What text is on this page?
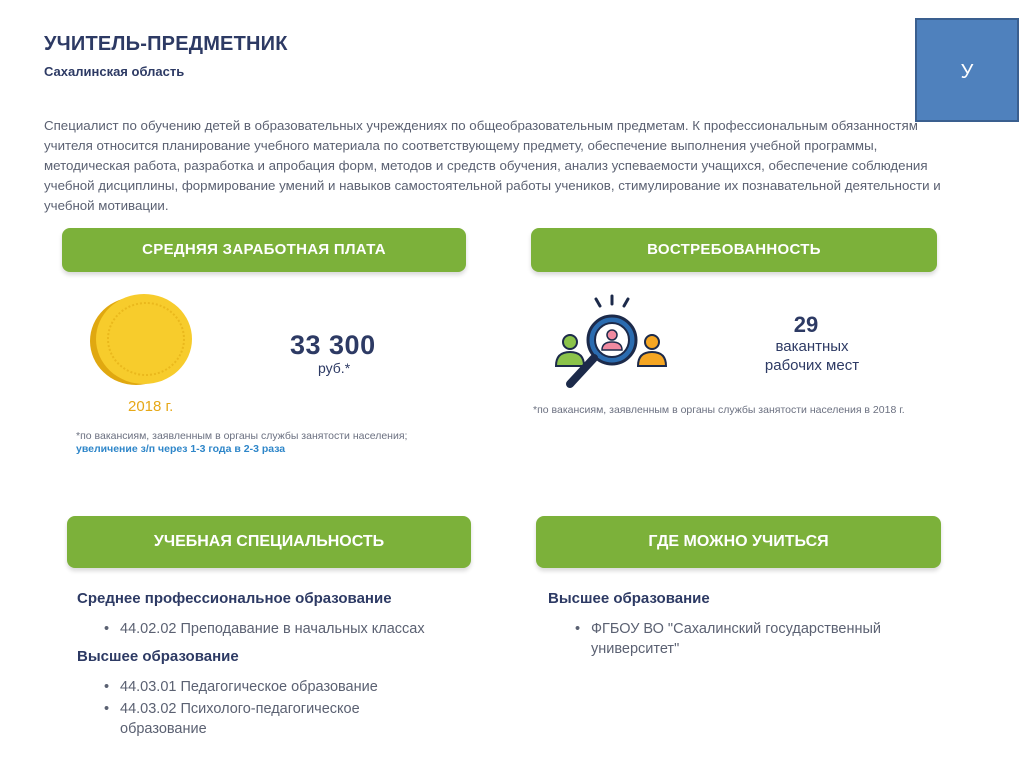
УЧИТЕЛЬ-ПРЕДМЕТНИК
Сахалинская область	У
Специалист по обучению детей в образовательных учреждениях по общеобразовательным предметам. К профессиональным обязанностям учителя относится планирование учебного материала по соответствующему предмету, обеспечение выполнения учебной программы, методическая работа, разработка и апробация форм, методов и средств обучения, анализ успеваемости учащихся, обеспечение соблюдения учебной дисциплины, формирование умений и навыков самостоятельной работы учеников, стимулирование их познавательной деятельности и учебной мотивации.
СРЕДНЯЯ ЗАРАБОТНАЯ ПЛАТА
33 300
руб.*
2018 г.
*по вакансиям, заявленным в органы службы занятости населения;
увеличение з/п через 1-3 года в 2-3 раза
ВОСТРЕБОВАННОСТЬ
29
вакантных
рабочих мест
*по вакансиям, заявленным в органы службы занятости населения в 2018 г.
УЧЕБНАЯ СПЕЦИАЛЬНОСТЬ
Среднее профессиональное образование
• 44.02.02 Преподавание в начальных классах
Высшее образование
• 44.03.01 Педагогическое образование
• 44.03.02 Психолого-педагогическое образование
ГДЕ МОЖНО УЧИТЬСЯ
Высшее образование
• ФГБОУ ВО "Сахалинский государственный университет"
